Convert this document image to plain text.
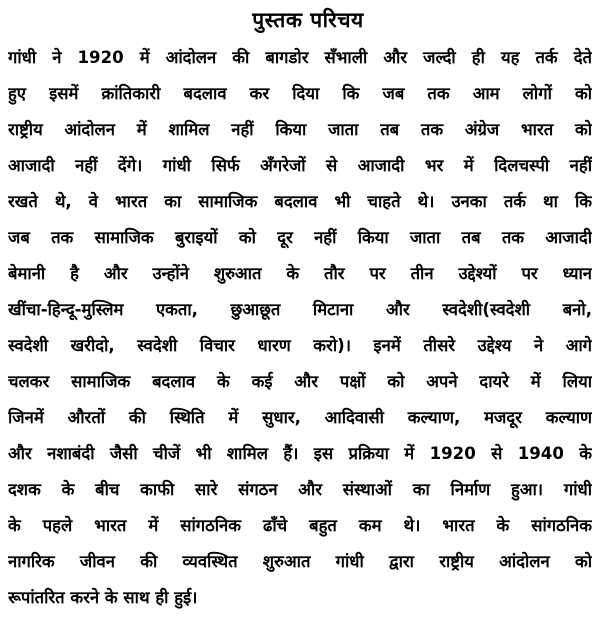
पुस्तक परिचय
गांधी ने 1920 में आंदोलन की बागडोर सँभाली और जल्दी ही यह तर्क देते
हुए इसमें क्रांतिकारी बदलाव कर दिया कि जब तक आम लोगों को
राष्ट्रीय आंदोलन में शामिल नहीं किया जाता तब तक अंग्रेज भारत को
आजादी नहीं देंगे। गांधी सिर्फ अँगरेजों से आजादी भर में दिलचस्पी नहीं
रखते थे, वे भारत का सामाजिक बदलाव भी चाहते थे। उनका तर्क था कि
जब तक सामाजिक बुराइयों को दूर नहीं किया जाता तब तक आजादी
बेमानी है और उन्होंने शुरुआत के तौर पर तीन उद्देश्यों पर ध्यान
खींचा-हिन्दू-मुस्लिम एकता, छुआछूत मिटाना और स्वदेशी(स्वदेशी बनो,
स्वदेशी खरीदो, स्वदेशी विचार धारण करो)। इनमें तीसरे उद्देश्य ने आगे
चलकर सामाजिक बदलाव के कई और पक्षों को अपने दायरे में लिया
जिनमें औरतों की स्थिति में सुधार, आदिवासी कल्याण, मजदूर कल्याण
और नशाबंदी जैसी चीजें भी शामिल हैं। इस प्रक्रिया में 1920 से 1940 के
दशक के बीच काफी सारे संगठन और संस्थाओं का निर्माण हुआ। गांधी
के पहले भारत में सांगठनिक ढाँचे बहुत कम थे। भारत के सांगठनिक
नागरिक जीवन की व्यवस्थित शुरुआत गांधी द्वारा राष्ट्रीय आंदोलन को
रूपांतरित करने के साथ ही हुई।
